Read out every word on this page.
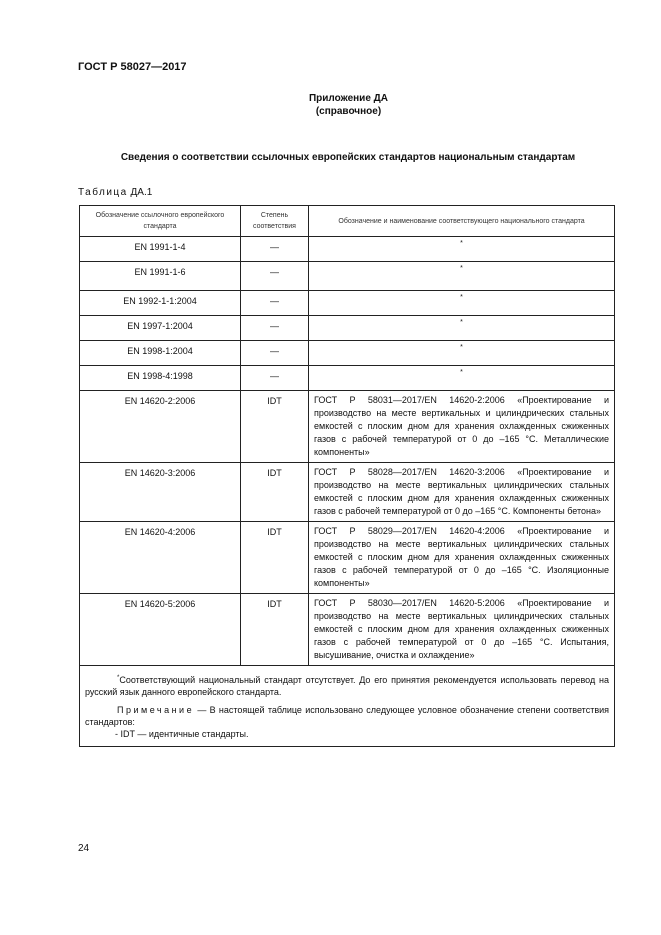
ГОСТ Р 58027—2017
Приложение ДА
(справочное)
Сведения о соответствии ссылочных европейских стандартов национальным стандартам
Таблица ДА.1
Обозначение ссылочного европейского стандарта	Степень соответствия	Обозначение и наименование соответствующего национального стандарта
EN 1991-1-4	—	*
EN 1991-1-6	—	*
EN 1992-1-1:2004	—	*
EN 1997-1:2004	—	*
EN 1998-1:2004	—	*
EN 1998-4:1998	—	*
EN 14620-2:2006	IDT	ГОСТ Р 58031—2017/EN 14620-2:2006 «Проектирование и производство на месте вертикальных и цилиндрических стальных емкостей с плоским дном для хранения охлажденных сжиженных газов с рабочей температурой от 0 до –165 °С. Металлические компоненты»
EN 14620-3:2006	IDT	ГОСТ Р 58028—2017/EN 14620-3:2006 «Проектирование и производство на месте вертикальных цилиндрических стальных емкостей с плоским дном для хранения охлажденных сжиженных газов с рабочей температурой от 0 до –165 °С. Компоненты бетона»
EN 14620-4:2006	IDT	ГОСТ Р 58029—2017/EN 14620-4:2006 «Проектирование и производство на месте вертикальных цилиндрических стальных емкостей с плоским дном для хранения охлажденных сжиженных газов с рабочей температурой от 0 до –165 °С. Изоляционные компоненты»
EN 14620-5:2006	IDT	ГОСТ Р 58030—2017/EN 14620-5:2006 «Проектирование и производство на месте вертикальных цилиндрических стальных емкостей с плоским дном для хранения охлажденных сжиженных газов с рабочей температурой от 0 до –165 °С. Испытания, высушивание, очистка и охлаждение»

*Соответствующий национальный стандарт отсутствует. До его принятия рекомендуется использовать перевод на русский язык данного европейского стандарта.

Примечание — В настоящей таблице использовано следующее условное обозначение степени соответствия стандартов:

- IDT — идентичные стандарты.		

24
